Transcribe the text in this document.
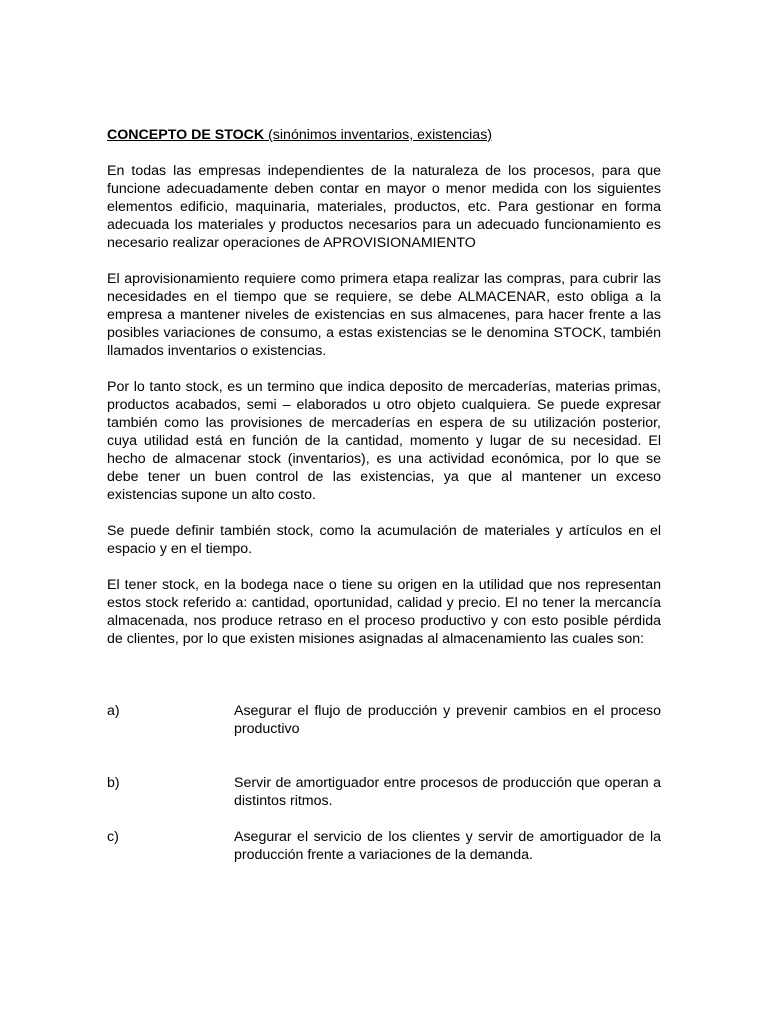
CONCEPTO DE STOCK (sinónimos inventarios, existencias)

En todas las empresas independientes de la naturaleza de los procesos, para que funcione adecuadamente deben contar en mayor o menor medida con los siguientes elementos edificio, maquinaria, materiales, productos, etc. Para gestionar en forma adecuada los materiales y productos necesarios para un adecuado funcionamiento es necesario realizar operaciones de APROVISIONAMIENTO

El aprovisionamiento requiere como primera etapa realizar las compras, para cubrir las necesidades en el tiempo que se requiere, se debe ALMACENAR, esto obliga a la empresa a mantener niveles de existencias en sus almacenes, para hacer frente a las posibles variaciones de consumo, a estas existencias se le denomina STOCK, también llamados inventarios o existencias.

Por lo tanto stock, es un termino que indica deposito de mercaderías, materias primas, productos acabados, semi – elaborados u otro objeto cualquiera. Se puede expresar también como las provisiones de mercaderías en espera de su utilización posterior, cuya utilidad está en función de la cantidad, momento y lugar de su necesidad. El hecho de almacenar stock (inventarios), es una actividad económica, por lo que se debe tener un buen control de las existencias, ya que al mantener un exceso existencias supone un alto costo.

Se puede definir también stock, como la acumulación de materiales y artículos en el espacio y en el tiempo.

El tener stock, en la bodega nace o tiene su origen en la utilidad que nos representan estos stock referido a: cantidad, oportunidad, calidad y precio. El no tener la mercancía almacenada, nos produce retraso en el proceso productivo y con esto posible pérdida de clientes, por lo que existen misiones asignadas al almacenamiento las cuales son:

a)	Asegurar el flujo de producción y prevenir cambios en el proceso productivo
b)	Servir de amortiguador entre procesos de producción que operan a distintos ritmos.
c)	Asegurar el servicio de los clientes y servir de amortiguador de la producción frente a variaciones de la demanda.
